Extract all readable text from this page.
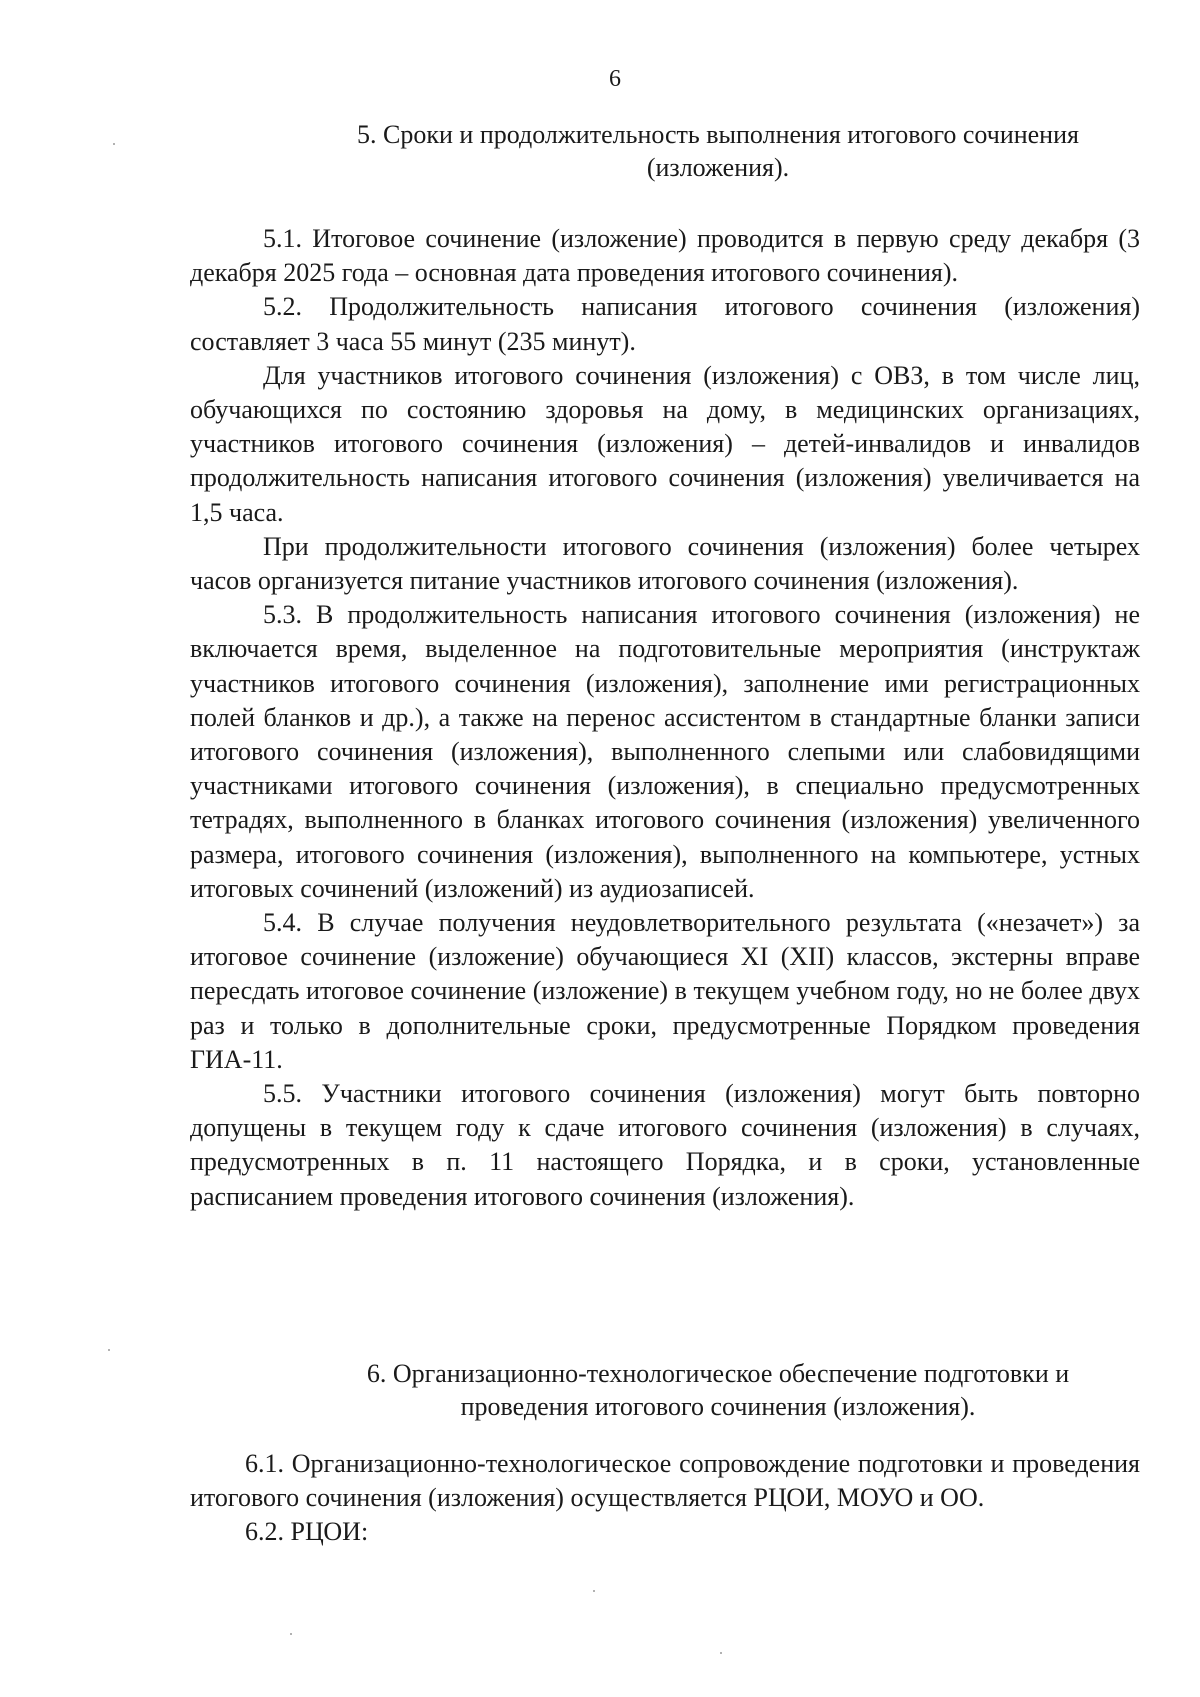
6
5. Сроки и продолжительность выполнения итогового сочинения (изложения).

5.1. Итоговое сочинение (изложение) проводится в первую среду декабря (3 декабря 2025 года – основная дата проведения итогового сочинения).

5.2. Продолжительность написания итогового сочинения (изложения) составляет 3 часа 55 минут (235 минут).

Для участников итогового сочинения (изложения) с ОВЗ, в том числе лиц, обучающихся по состоянию здоровья на дому, в медицинских организациях, участников итогового сочинения (изложения) – детей-инвалидов и инвалидов продолжительность написания итогового сочинения (изложения) увеличивается на 1,5 часа.

При продолжительности итогового сочинения (изложения) более четырех часов организуется питание участников итогового сочинения (изложения).

5.3. В продолжительность написания итогового сочинения (изложения) не включается время, выделенное на подготовительные мероприятия (инструктаж участников итогового сочинения (изложения), заполнение ими регистрационных полей бланков и др.), а также на перенос ассистентом в стандартные бланки записи итогового сочинения (изложения), выполненного слепыми или слабовидящими участниками итогового сочинения (изложения), в специально предусмотренных тетрадях, выполненного в бланках итогового сочинения (изложения) увеличенного размера, итогового сочинения (изложения), выполненного на компьютере, устных итоговых сочинений (изложений) из аудиозаписей.

5.4. В случае получения неудовлетворительного результата («незачет») за итоговое сочинение (изложение) обучающиеся XI (XII) классов, экстерны вправе пересдать итоговое сочинение (изложение) в текущем учебном году, но не более двух раз и только в дополнительные сроки, предусмотренные Порядком проведения ГИА-11.

5.5. Участники итогового сочинения (изложения) могут быть повторно допущены в текущем году к сдаче итогового сочинения (изложения) в случаях, предусмотренных в п. 11 настоящего Порядка, и в сроки, установленные расписанием проведения итогового сочинения (изложения).

6. Организационно-технологическое обеспечение подготовки и проведения итогового сочинения (изложения).

6.1. Организационно-технологическое сопровождение подготовки и проведения итогового сочинения (изложения) осуществляется РЦОИ, МОУО и ОО.

6.2. РЦОИ:
